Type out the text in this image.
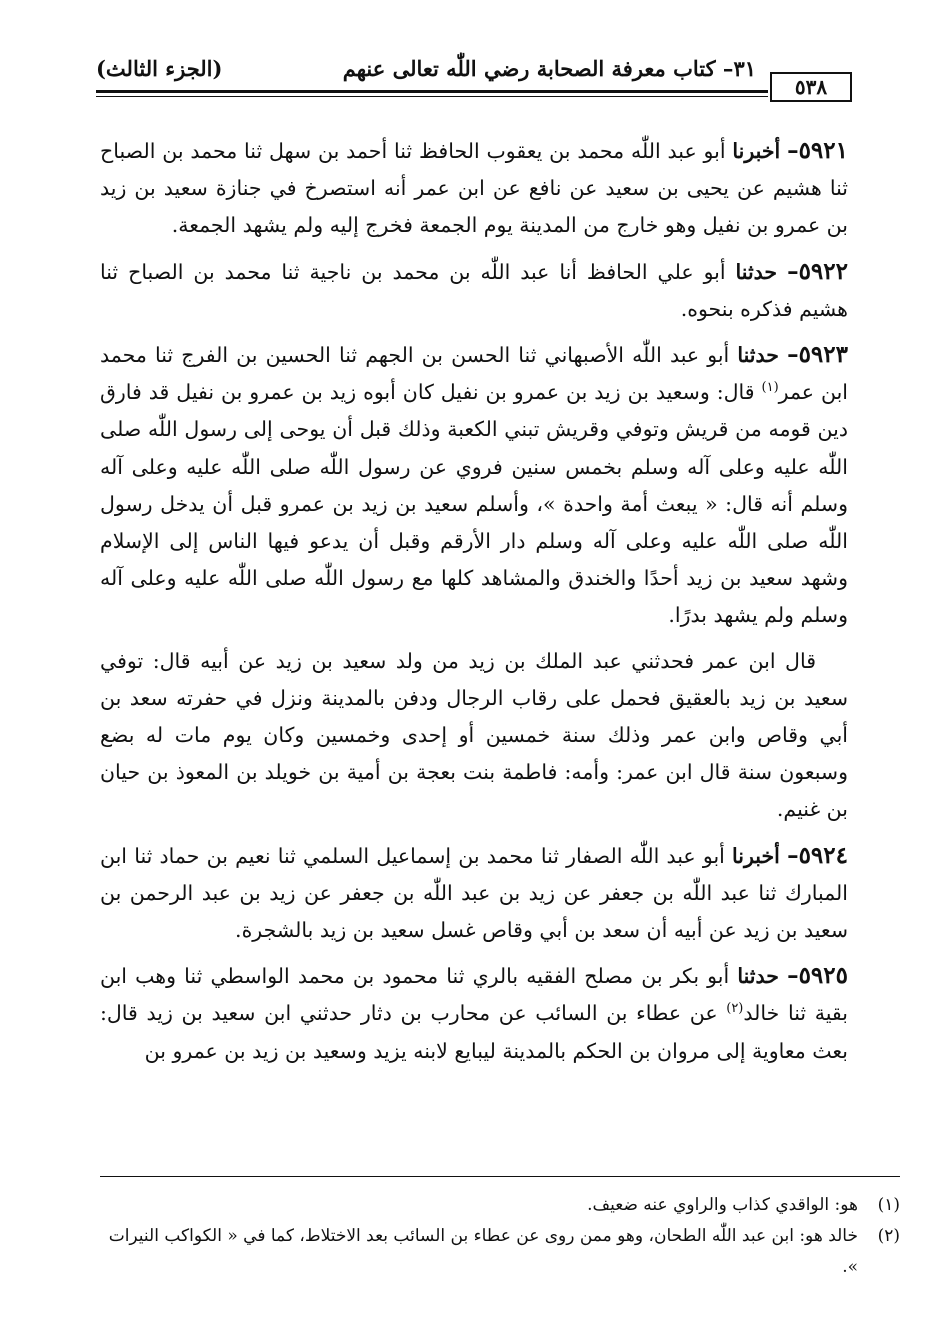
(الجزء الثالث)	٣١– كتاب معرفة الصحابة رضي اللّٰه تعالى عنهم
٥٣٨

٥٩٢١– أخبرنا أبو عبد اللّٰه محمد بن يعقوب الحافظ ثنا أحمد بن سهل ثنا محمد بن الصباح ثنا هشيم عن يحيى بن سعيد عن نافع عن ابن عمر أنه استصرخ في جنازة سعيد بن زيد بن عمرو بن نفيل وهو خارج من المدينة يوم الجمعة فخرج إليه ولم يشهد الجمعة.

٥٩٢٢– حدثنا أبو علي الحافظ أنا عبد اللّٰه بن محمد بن ناجية ثنا محمد بن الصباح ثنا هشيم فذكره بنحوه.

٥٩٢٣– حدثنا أبو عبد اللّٰه الأصبهاني ثنا الحسن بن الجهم ثنا الحسين بن الفرج ثنا محمد ابن عمر$^{(١)}$ قال: وسعيد بن زيد بن عمرو بن نفيل كان أبوه زيد بن عمرو بن نفيل قد فارق دين قومه من قريش وتوفي وقريش تبني الكعبة وذلك قبل أن يوحى إلى رسول اللّٰه صلى اللّٰه عليه وعلى آله وسلم بخمس سنين فروي عن رسول اللّٰه صلى اللّٰه عليه وعلى آله وسلم أنه قال: « يبعث أمة واحدة »، وأسلم سعيد بن زيد بن عمرو قبل أن يدخل رسول اللّٰه صلى اللّٰه عليه وعلى آله وسلم دار الأرقم وقبل أن يدعو فيها الناس إلى الإسلام وشهد سعيد بن زيد أحدًا والخندق والمشاهد كلها مع رسول اللّٰه صلى اللّٰه عليه وعلى آله وسلم ولم يشهد بدرًا.

قال ابن عمر فحدثني عبد الملك بن زيد من ولد سعيد بن زيد عن أبيه قال: توفي سعيد بن زيد بالعقيق فحمل على رقاب الرجال ودفن بالمدينة ونزل في حفرته سعد بن أبي وقاص وابن عمر وذلك سنة خمسين أو إحدى وخمسين وكان يوم مات له بضع وسبعون سنة قال ابن عمر: وأمه: فاطمة بنت بعجة بن أمية بن خويلد بن المعوذ بن حيان بن غنيم.

٥٩٢٤– أخبرنا أبو عبد اللّٰه الصفار ثنا محمد بن إسماعيل السلمي ثنا نعيم بن حماد ثنا ابن المبارك ثنا عبد اللّٰه بن جعفر عن زيد بن عبد اللّٰه بن جعفر عن زيد بن عبد الرحمن بن سعيد بن زيد عن أبيه أن سعد بن أبي وقاص غسل سعيد بن زيد بالشجرة.

٥٩٢٥– حدثنا أبو بكر بن مصلح الفقيه بالري ثنا محمود بن محمد الواسطي ثنا وهب ابن بقية ثنا خالد$^{(٢)}$ عن عطاء بن السائب عن محارب بن دثار حدثني ابن سعيد بن زيد قال: بعث معاوية إلى مروان بن الحكم بالمدينة ليبايع لابنه يزيد وسعيد بن زيد بن عمرو بن

(١)
هو: الواقدي كذاب والراوي عنه ضعيف.

(٢)
خالد هو: ابن عبد اللّٰه الطحان، وهو ممن روى عن عطاء بن السائب بعد الاختلاط، كما في « الكواكب النيرات ».
